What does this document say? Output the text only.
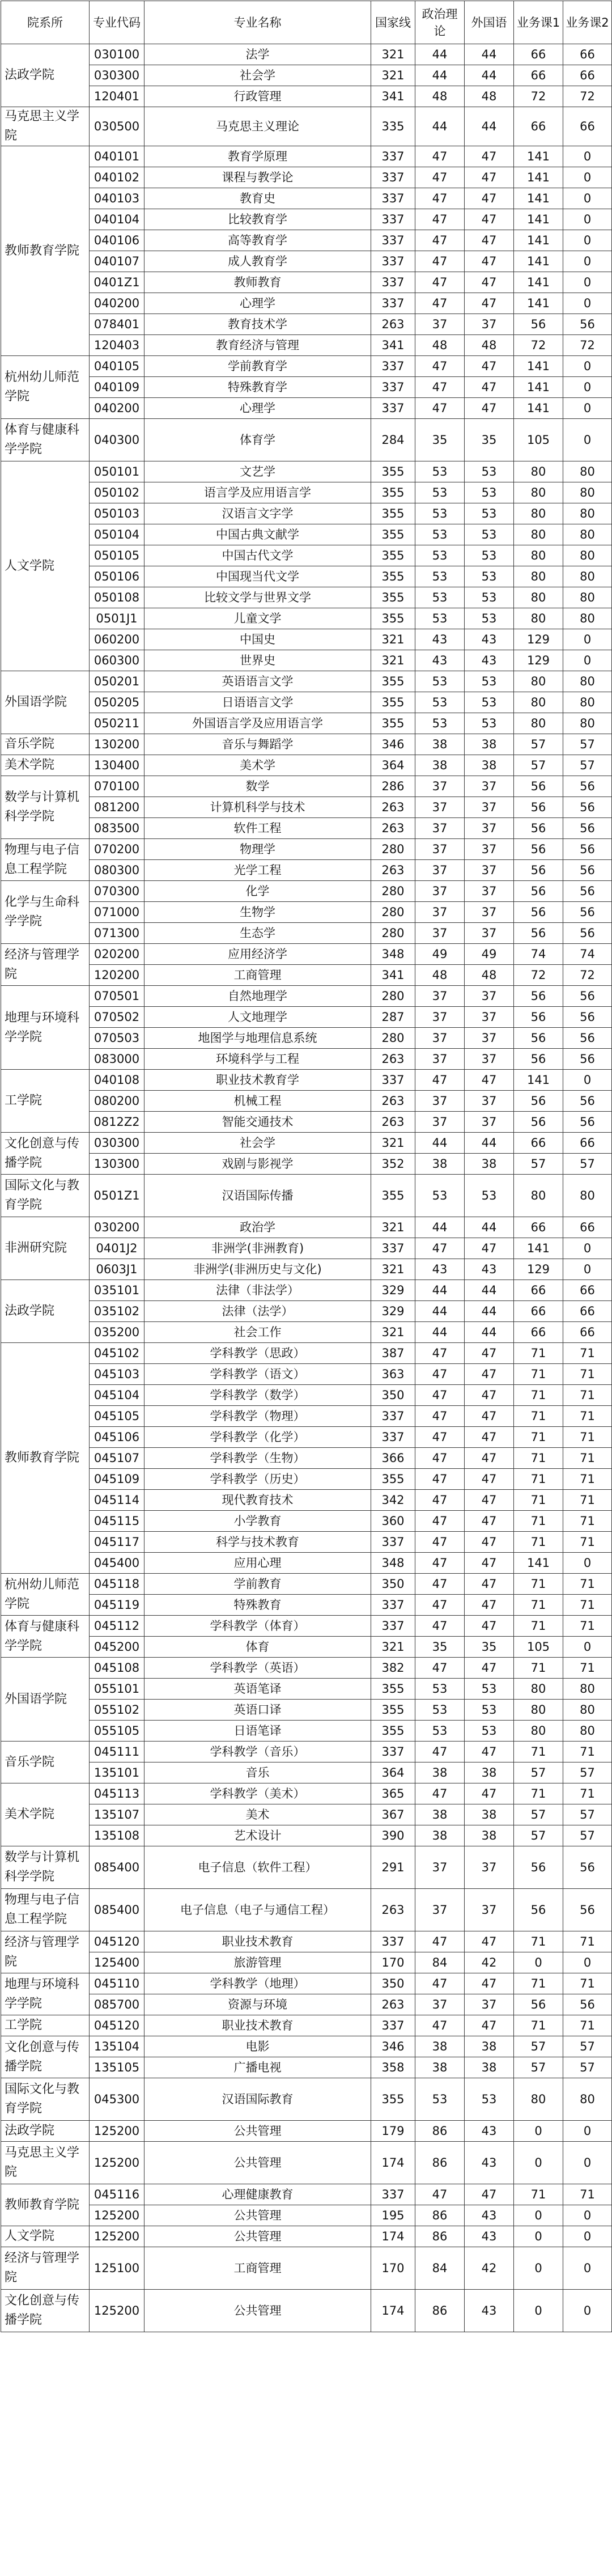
院系所	专业代码	专业名称	国家线	政治理论	外国语	业务课1	业务课2
法政学院	030100	法学	321	44	44	66	66
	030300	社会学	321	44	44	66	66
	120401	行政管理	341	48	48	72	72
马克思主义学院	030500	马克思主义理论	335	44	44	66	66
教师教育学院	040101	教育学原理	337	47	47	141	0
	040102	课程与教学论	337	47	47	141	0
	040103	教育史	337	47	47	141	0
	040104	比较教育学	337	47	47	141	0
	040106	高等教育学	337	47	47	141	0
	040107	成人教育学	337	47	47	141	0
	0401Z1	教师教育	337	47	47	141	0
	040200	心理学	337	47	47	141	0
	078401	教育技术学	263	37	37	56	56
	120403	教育经济与管理	341	48	48	72	72
杭州幼儿师范学院	040105	学前教育学	337	47	47	141	0
	040109	特殊教育学	337	47	47	141	0
	040200	心理学	337	47	47	141	0
体育与健康科学学院	040300	体育学	284	35	35	105	0
人文学院	050101	文艺学	355	53	53	80	80
	050102	语言学及应用语言学	355	53	53	80	80
	050103	汉语言文字学	355	53	53	80	80
	050104	中国古典文献学	355	53	53	80	80
	050105	中国古代文学	355	53	53	80	80
	050106	中国现当代文学	355	53	53	80	80
	050108	比较文学与世界文学	355	53	53	80	80
	0501J1	儿童文学	355	53	53	80	80
	060200	中国史	321	43	43	129	0
	060300	世界史	321	43	43	129	0
外国语学院	050201	英语语言文学	355	53	53	80	80
	050205	日语语言文学	355	53	53	80	80
	050211	外国语言学及应用语言学	355	53	53	80	80
音乐学院	130200	音乐与舞蹈学	346	38	38	57	57
美术学院	130400	美术学	364	38	38	57	57
数学与计算机科学学院	070100	数学	286	37	37	56	56
	081200	计算机科学与技术	263	37	37	56	56
	083500	软件工程	263	37	37	56	56
物理与电子信息工程学院	070200	物理学	280	37	37	56	56
	080300	光学工程	263	37	37	56	56
化学与生命科学学院	070300	化学	280	37	37	56	56
	071000	生物学	280	37	37	56	56
	071300	生态学	280	37	37	56	56
经济与管理学院	020200	应用经济学	348	49	49	74	74
	120200	工商管理	341	48	48	72	72
地理与环境科学学院	070501	自然地理学	280	37	37	56	56
	070502	人文地理学	287	37	37	56	56
	070503	地图学与地理信息系统	280	37	37	56	56
	083000	环境科学与工程	263	37	37	56	56
工学院	040108	职业技术教育学	337	47	47	141	0
	080200	机械工程	263	37	37	56	56
	0812Z2	智能交通技术	263	37	37	56	56
文化创意与传播学院	030300	社会学	321	44	44	66	66
	130300	戏剧与影视学	352	38	38	57	57
国际文化与教育学院	0501Z1	汉语国际传播	355	53	53	80	80
非洲研究院	030200	政治学	321	44	44	66	66
	0401J2	非洲学(非洲教育)	337	47	47	141	0
	0603J1	非洲学(非洲历史与文化)	321	43	43	129	0
法政学院	035101	法律（非法学）	329	44	44	66	66
	035102	法律（法学）	329	44	44	66	66
	035200	社会工作	321	44	44	66	66
教师教育学院	045102	学科教学（思政）	387	47	47	71	71
	045103	学科教学（语文）	363	47	47	71	71
	045104	学科教学（数学）	350	47	47	71	71
	045105	学科教学（物理）	337	47	47	71	71
	045106	学科教学（化学）	337	47	47	71	71
	045107	学科教学（生物）	366	47	47	71	71
	045109	学科教学（历史）	355	47	47	71	71
	045114	现代教育技术	342	47	47	71	71
	045115	小学教育	360	47	47	71	71
	045117	科学与技术教育	337	47	47	71	71
	045400	应用心理	348	47	47	141	0
杭州幼儿师范学院	045118	学前教育	350	47	47	71	71
	045119	特殊教育	337	47	47	71	71
体育与健康科学学院	045112	学科教学（体育）	337	47	47	71	71
	045200	体育	321	35	35	105	0
外国语学院	045108	学科教学（英语）	382	47	47	71	71
	055101	英语笔译	355	53	53	80	80
	055102	英语口译	355	53	53	80	80
	055105	日语笔译	355	53	53	80	80
音乐学院	045111	学科教学（音乐）	337	47	47	71	71
	135101	音乐	364	38	38	57	57
美术学院	045113	学科教学（美术）	365	47	47	71	71
	135107	美术	367	38	38	57	57
	135108	艺术设计	390	38	38	57	57
数学与计算机科学学院	085400	电子信息（软件工程）	291	37	37	56	56
物理与电子信息工程学院	085400	电子信息（电子与通信工程）	263	37	37	56	56
经济与管理学院	045120	职业技术教育	337	47	47	71	71
	125400	旅游管理	170	84	42	0	0
地理与环境科学学院	045110	学科教学（地理）	350	47	47	71	71
	085700	资源与环境	263	37	37	56	56
工学院	045120	职业技术教育	337	47	47	71	71
文化创意与传播学院	135104	电影	346	38	38	57	57
	135105	广播电视	358	38	38	57	57
国际文化与教育学院	045300	汉语国际教育	355	53	53	80	80
法政学院	125200	公共管理	179	86	43	0	0
马克思主义学院	125200	公共管理	174	86	43	0	0
教师教育学院	045116	心理健康教育	337	47	47	71	71
	125200	公共管理	195	86	43	0	0
人文学院	125200	公共管理	174	86	43	0	0
经济与管理学院	125100	工商管理	170	84	42	0	0
文化创意与传播学院	125200	公共管理	174	86	43	0	0
